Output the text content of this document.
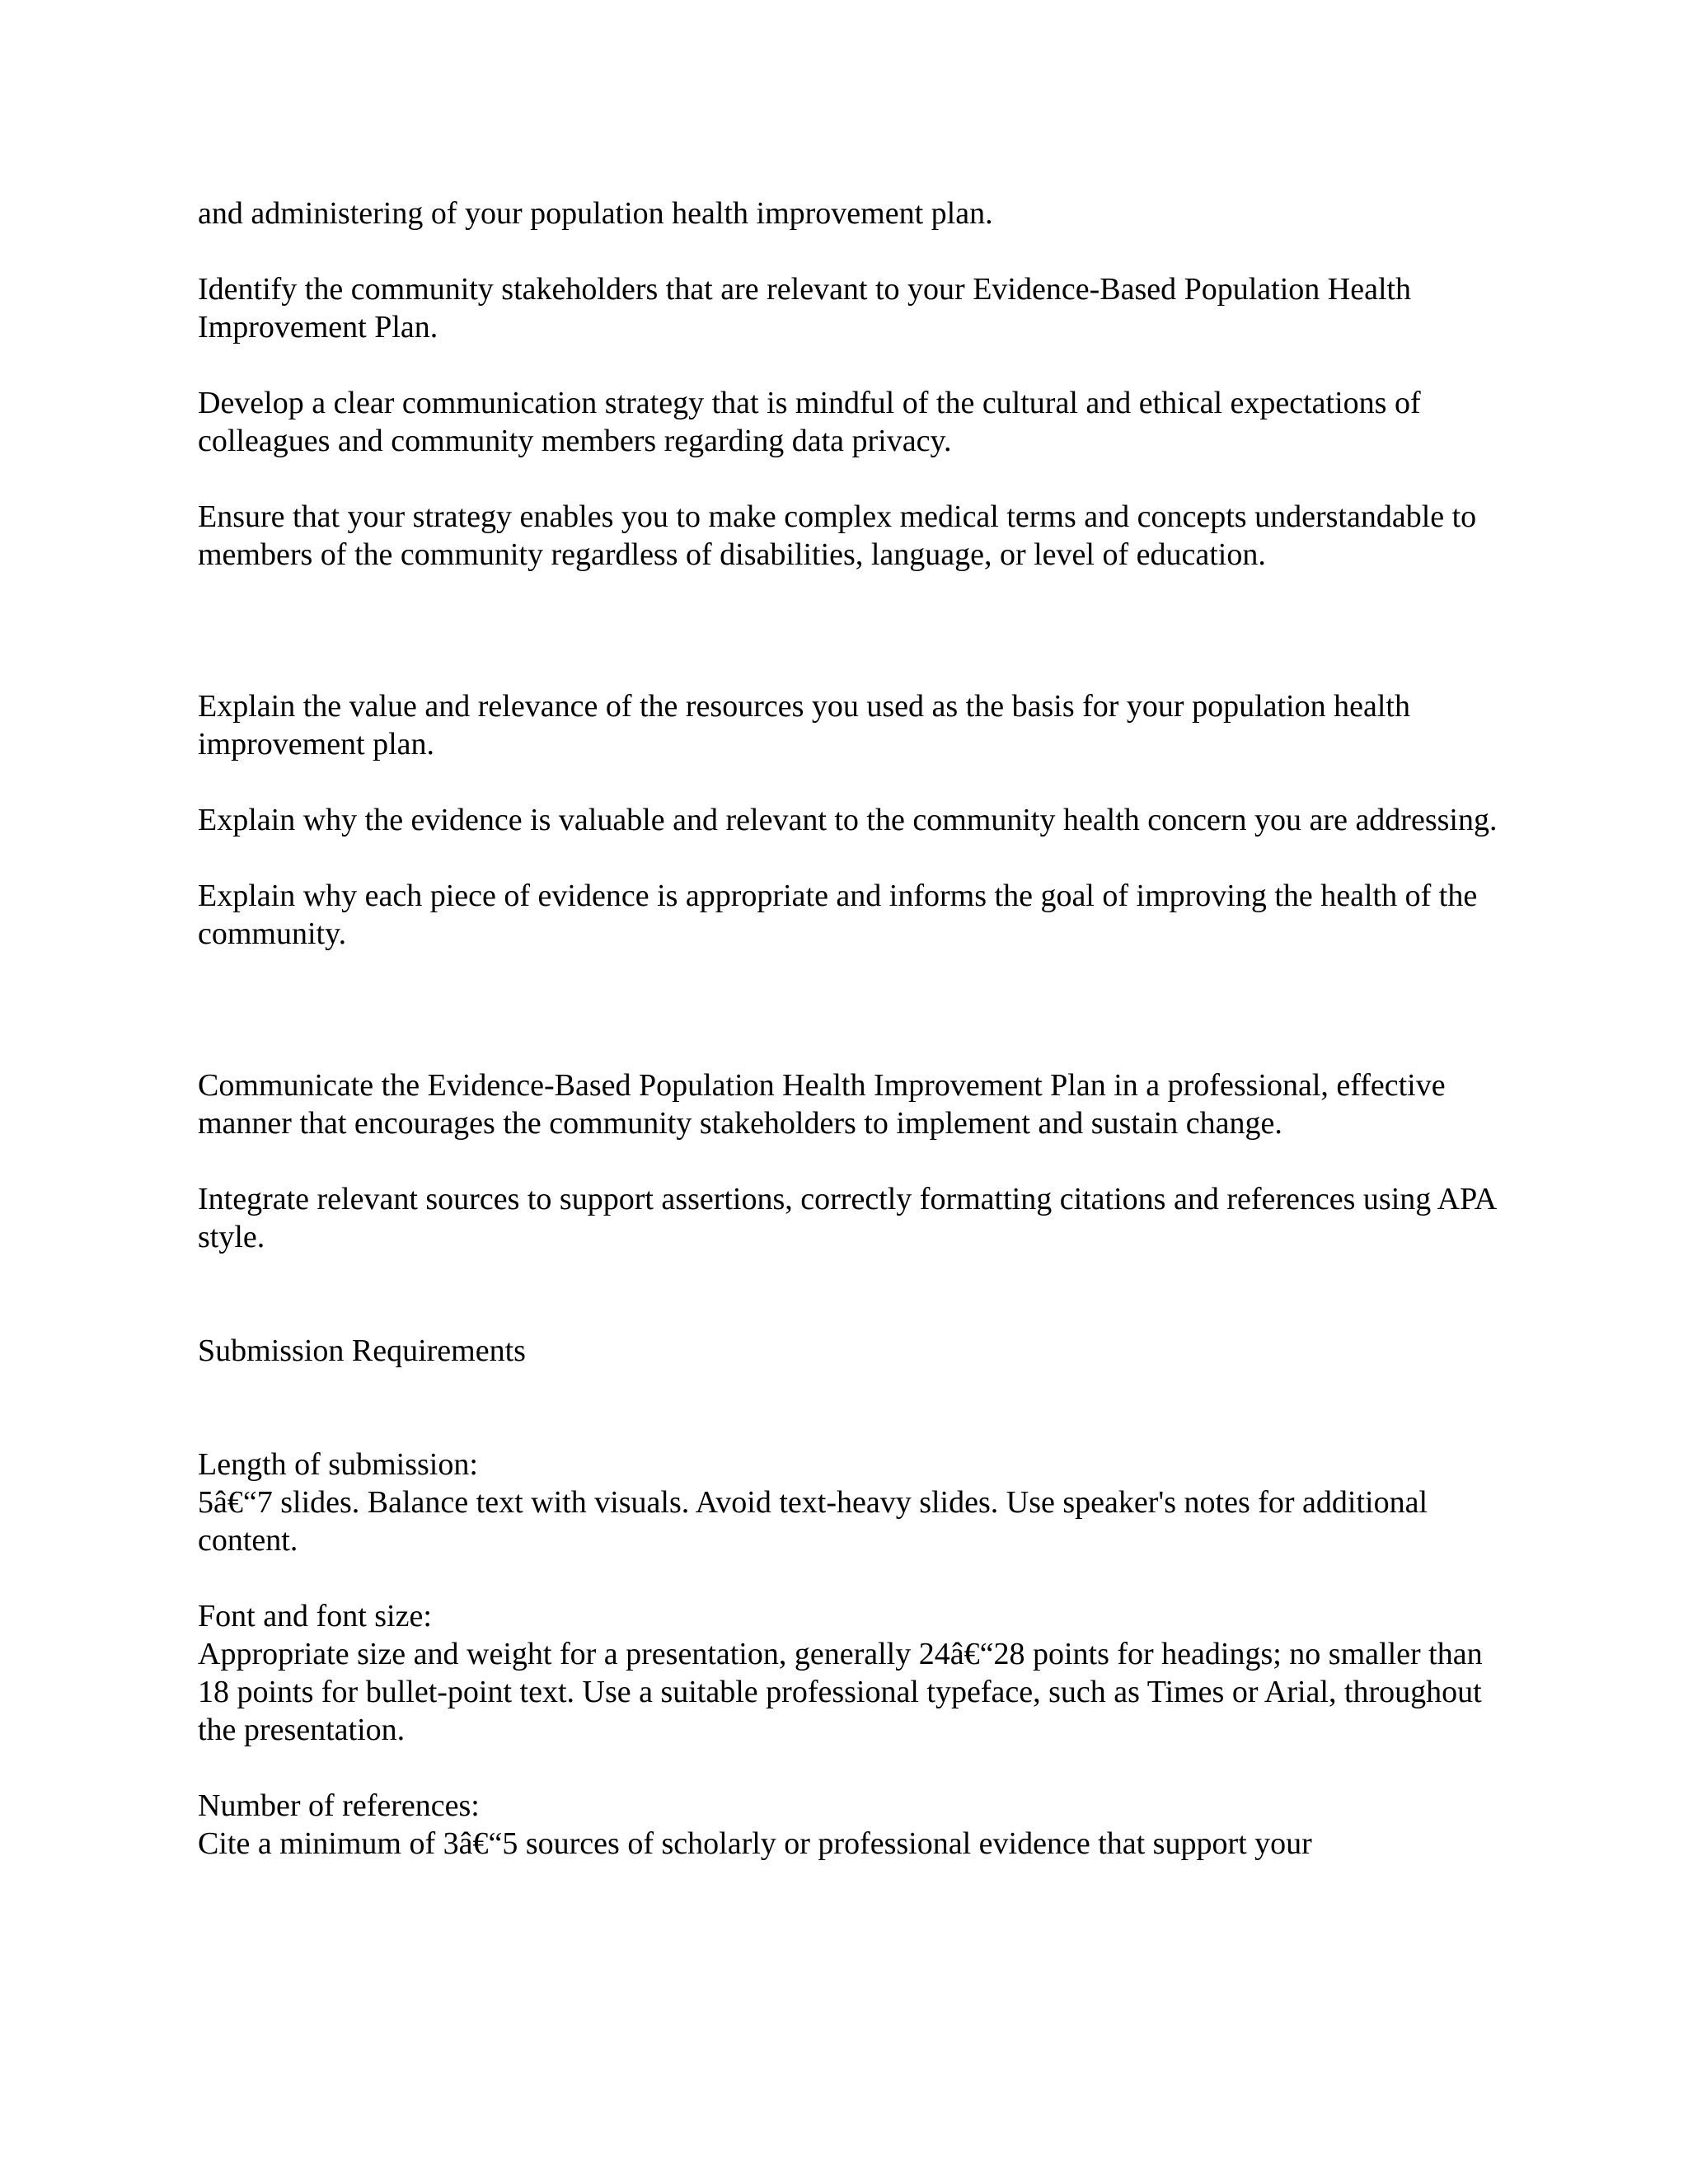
and administering of your population health improvement plan.

Identify the community stakeholders that are relevant to your Evidence-Based Population Health Improvement Plan.

Develop a clear communication strategy that is mindful of the cultural and ethical expectations of colleagues and community members regarding data privacy.

Ensure that your strategy enables you to make complex medical terms and concepts understandable to members of the community regardless of disabilities, language, or level of education.

Explain the value and relevance of the resources you used as the basis for your population health improvement plan.

Explain why the evidence is valuable and relevant to the community health concern you are addressing.

Explain why each piece of evidence is appropriate and informs the goal of improving the health of the community.

Communicate the Evidence-Based Population Health Improvement Plan in a professional, effective manner that encourages the community stakeholders to implement and sustain change.

Integrate relevant sources to support assertions, correctly formatting citations and references using APA style.

Submission Requirements

Length of submission:

5â€“7 slides. Balance text with visuals. Avoid text-heavy slides. Use speaker's notes for additional content.

Font and font size:

Appropriate size and weight for a presentation, generally 24â€“28 points for headings; no smaller than 18 points for bullet-point text. Use a suitable professional typeface, such as Times or Arial, throughout the presentation.

Number of references:

Cite a minimum of 3â€“5 sources of scholarly or professional evidence that support your
